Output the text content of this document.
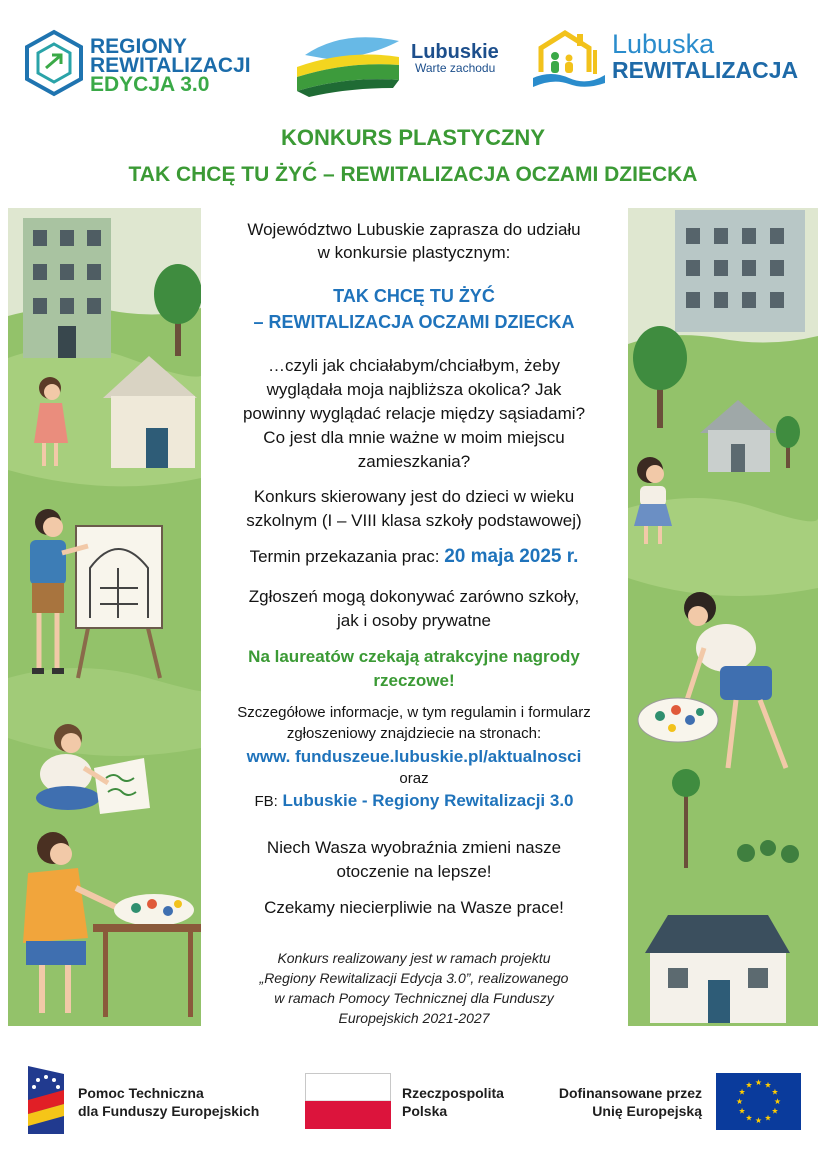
REGIONY
REWITALIZACJI
EDYCJA 3.0
Lubuskie
Warte zachodu
Lubuska
REWITALIZACJA
KONKURS PLASTYCZNY
TAK CHCĘ TU ŻYĆ – REWITALIZACJA OCZAMI DZIECKA
Województwo Lubuskie zaprasza do udziału
w konkursie plastycznym:
TAK CHCĘ TU ŻYĆ
– REWITALIZACJA OCZAMI DZIECKA
…czyli jak chciałabym/chciałbym, żeby
wyglądała moja najbliższa okolica? Jak
powinny wyglądać relacje między sąsiadami?
Co jest dla mnie ważne w moim miejscu
zamieszkania?
Konkurs skierowany jest do dzieci w wieku
szkolnym (I – VIII klasa szkoły podstawowej)
Termin przekazania prac: 20 maja 2025 r.
Zgłoszeń mogą dokonywać zarówno szkoły,
jak i osoby prywatne
Na laureatów czekają atrakcyjne nagrody
rzeczowe!
Szczegółowe informacje, w tym regulamin i formularz
zgłoszeniowy znajdziecie na stronach:
www. funduszeue.lubuskie.pl/aktualnosci
oraz
FB: Lubuskie - Regiony Rewitalizacji 3.0
Niech Wasza wyobraźnia zmieni nasze
otoczenie na lepsze!
Czekamy niecierpliwie na Wasze prace!
Konkurs realizowany jest w ramach projektu
„Regiony Rewitalizacji Edycja 3.0”, realizowanego
w ramach Pomocy Technicznej dla Funduszy
Europejskich 2021-2027
Pomoc Techniczna
dla Funduszy Europejskich
Rzeczpospolita
Polska
Dofinansowane przez
Unię Europejską
